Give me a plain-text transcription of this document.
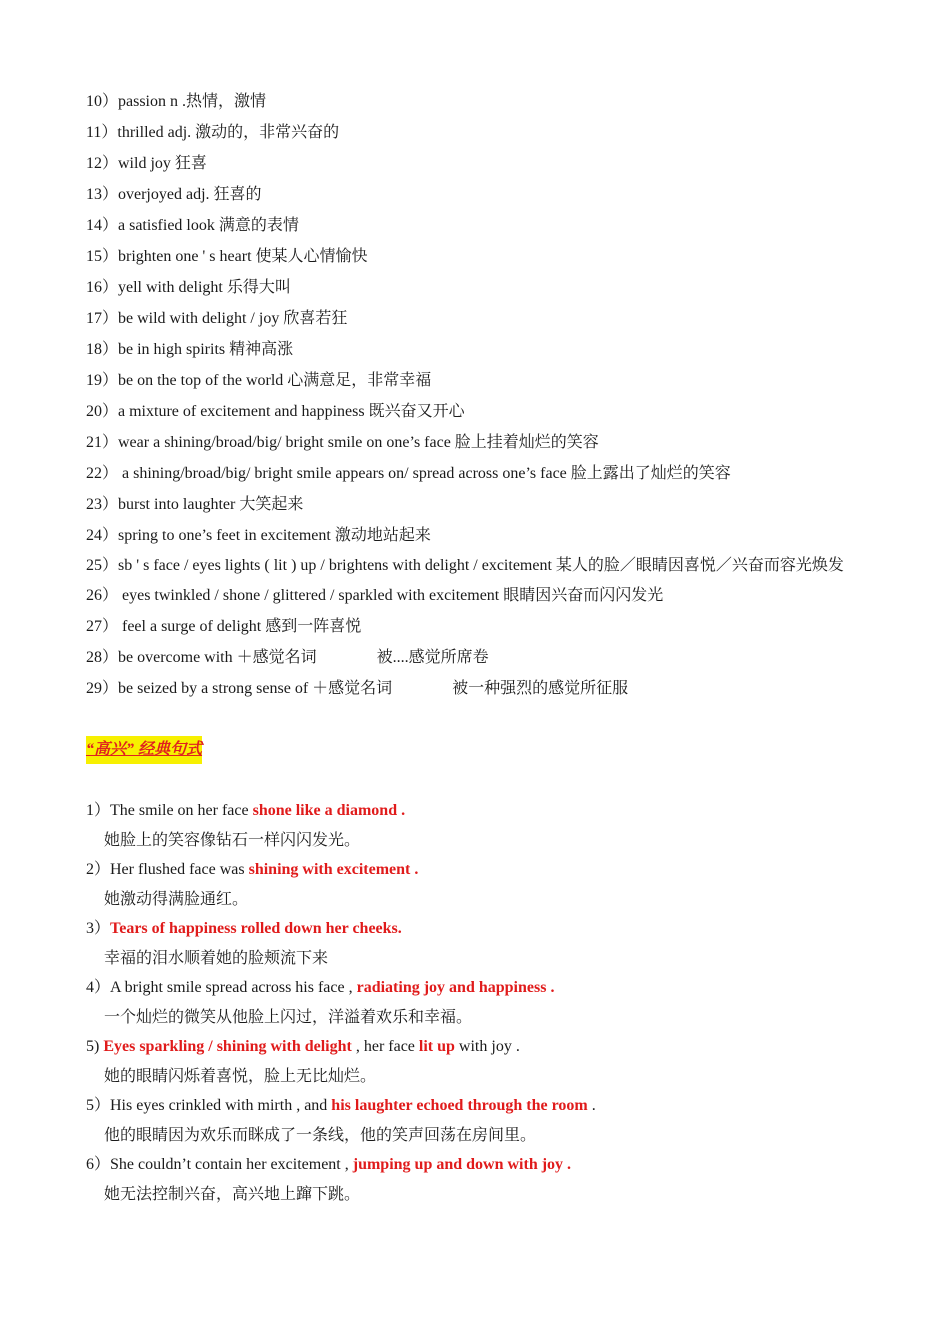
10）passion n .热情，激情
11）thrilled adj. 激动的，非常兴奋的
12）wild joy 狂喜
13）overjoyed adj. 狂喜的
14）a satisfied look 满意的表情
15）brighten one ' s heart 使某人心情愉快
16）yell with delight 乐得大叫
17）be wild with delight / joy 欣喜若狂
18）be in high spirits 精神高涨
19）be on the top of the world 心满意足，非常幸福
20）a mixture of excitement and happiness 既兴奋又开心
21）wear a shining/broad/big/ bright smile on one’s face 脸上挂着灿烂的笑容
22） a shining/broad/big/ bright smile appears on/ spread across one’s face 脸上露出了灿烂的笑容
23）burst into laughter 大笑起来
24）spring to one’s feet in excitement 激动地站起来
25）sb ' s face / eyes lights ( lit ) up / brightens with delight / excitement 某人的脸／眼睛因喜悦／兴奋而容光焕发
26） eyes twinkled / shone / glittered / sparkled with excitement 眼睛因兴奋而闪闪发光
27） feel a surge of delight 感到一阵喜悦
28）be overcome with ＋感觉名词	被....感觉所席卷
29）be seized by a strong sense of ＋感觉名词	被一种强烈的感觉所征服
“高兴” 经典句式
1）The smile on her face shone like a diamond .
她脸上的笑容像钻石一样闪闪发光。
2）Her flushed face was shining with excitement .
她激动得满脸通红。
3）Tears of happiness rolled down her cheeks.
幸福的泪水顺着她的脸颊流下来
4）A bright smile spread across his face , radiating joy and happiness .
一个灿烂的微笑从他脸上闪过，洋溢着欢乐和幸福。
5) Eyes sparkling / shining with delight , her face lit up with joy .
她的眼睛闪烁着喜悦，脸上无比灿烂。
5）His eyes crinkled with mirth , and his laughter echoed through the room .
他的眼睛因为欢乐而眯成了一条线，他的笑声回荡在房间里。
6）She couldn’t contain her excitement , jumping up and down with joy .
她无法控制兴奋，高兴地上蹿下跳。
